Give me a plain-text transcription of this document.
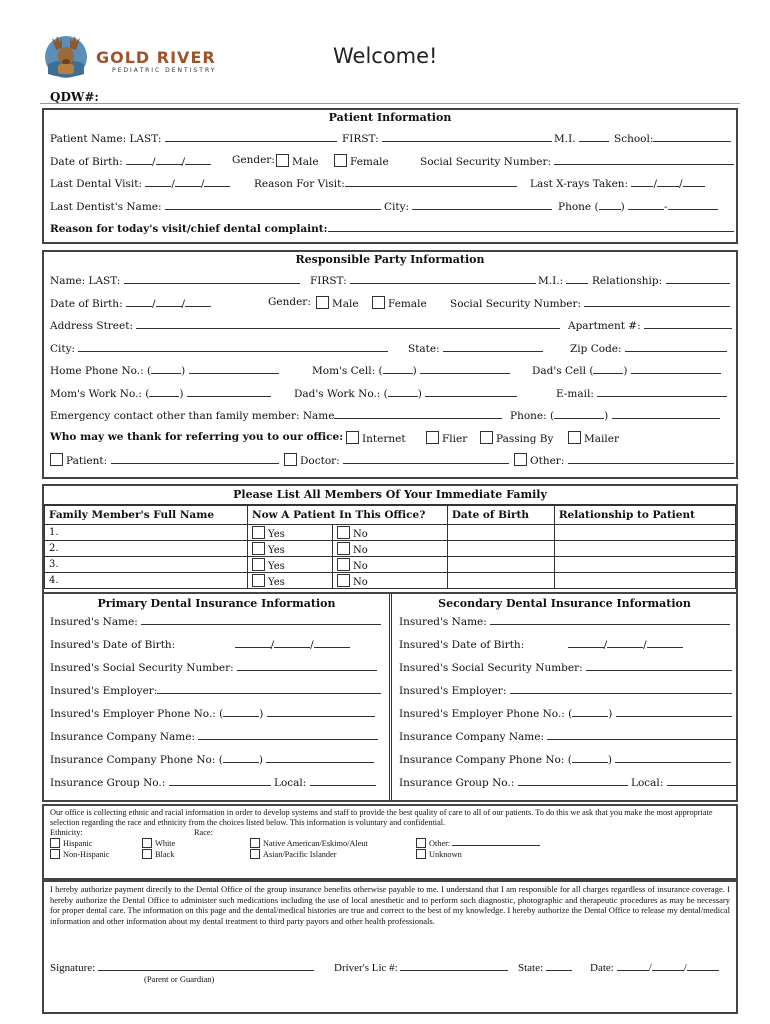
GOLD RIVER
PEDIATRIC DENTISTRY
Welcome!
QDW#:
Patient Information
Patient Name: LAST:	FIRST:	M.I.	School:
Date of Birth:	/ /	Gender:	Male	Female	Social Security Number:
Last Dental Visit:	/ /	Reason For Visit:	Last X-rays Taken: / /
Last Dentist's Name:	City:	Phone ( )	-
Reason for today's visit/chief dental complaint:
Responsible Party Information
Name: LAST:	FIRST:	M.I.:	Relationship:
Date of Birth:	/ /	Gender:	Male	Female Social Security Number:
Address Street:	Apartment #:
City:	State:	Zip Code:
Home Phone No.: (	)	Mom's Cell: (	)	Dad's Cell (	)
Mom's Work No.: (	)	Dad's Work No.: (	)	E-mail:
Emergency contact other than family member: Name	Phone: (	)
Who may we thank for referring you to our office:	Internet	Flier	Passing By	Mailer
Patient:	Doctor:	Other:
Please List All Members Of Your Immediate Family
Family Member's Full Name	Now A Patient In This Office?		Date of Birth	Relationship to Patient
1.	Yes	No		
2.	Yes	No		
3.	Yes	No		
4.	Yes	No		
Primary Dental Insurance Information
Insured's Name:
Insured's Date of Birth:	/	/
Insured's Social Security Number:
Insured's Employer:
Insured's Employer Phone No.: (	)
Insurance Company Name:
Insurance Company Phone No: (	)
Insurance Group No.:	Local:
Secondary Dental Insurance Information
Insured's Name:
Insured's Date of Birth:	/	/
Insured's Social Security Number:
Insured's Employer:
Insured's Employer Phone No.: (	)
Insurance Company Name:
Insurance Company Phone No: (	)
Insurance Group No.:	Local:
Our office is collecting ethnic and racial information in order to develop systems and staff to provide the best quality of care to all of our patients. To do this we ask that you make the most appropriate selection regarding the race and ethnicity from the choices listed below. This information is voluntary and confidential.
Ethnicity:	Race:
Hispanic
Non-Hispanic
White
Black
Native American/Eskimo/Aleut
Asian/Pacific Islander
Other:
Unknown
I hereby authorize payment directly to the Dental Office of the group insurance benefits otherwise payable to me. I understand that I am responsible for all charges regardless of insurance coverage. I hereby authorize the Dental Office to administer such medications including the use of local anesthetic and to perform such diagnostic, photographic and therapeutic procedures as may be necessary for proper dental care. The information on this page and the dental/medical histories are true and correct to the best of my knowledge. I hereby authorize the Dental Office to release my dental/medical information and other information about my dental treatment to third party payors and other health professionals.
Signature:
(Parent or Guardian)
Driver's Lic #:	State:	Date:	/	/
